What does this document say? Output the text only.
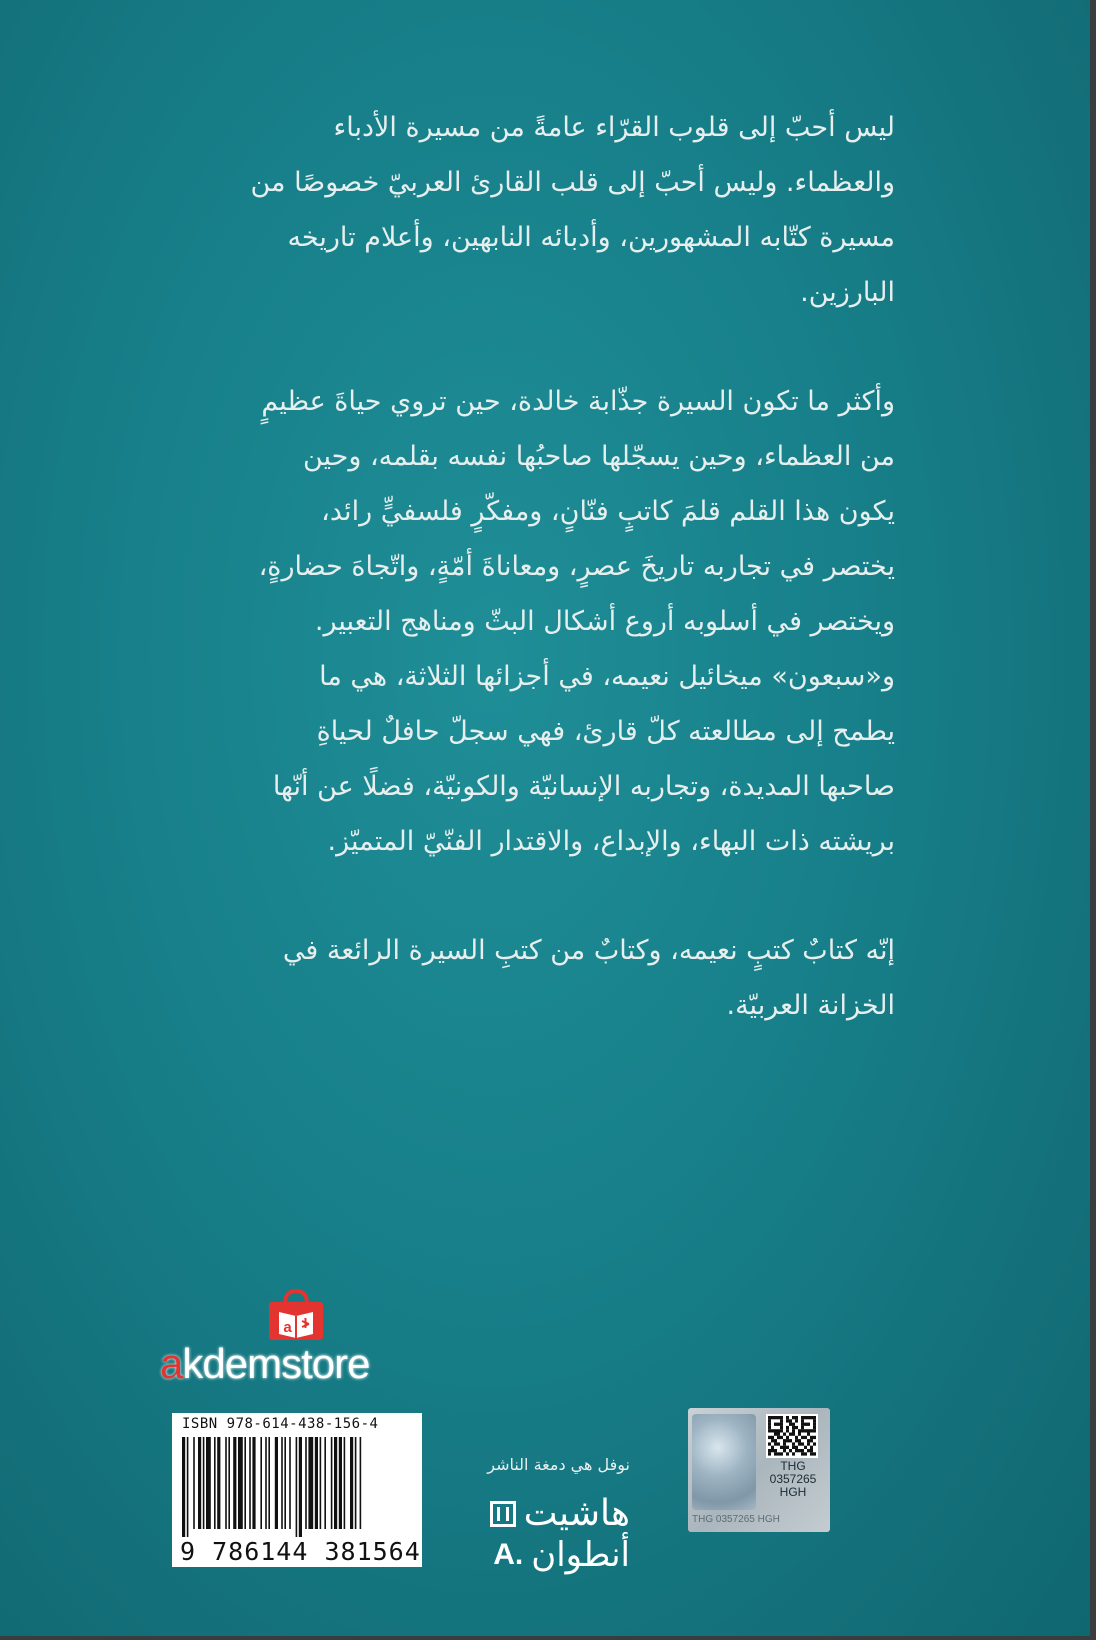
ليس أحبّ إلى قلوب القرّاء عامةً من مسيرة الأدباء والعظماء. وليس أحبّ إلى قلب القارئ العربيّ خصوصًا من مسيرة كتّابه المشهورين، وأدبائه النابهين، وأعلام تاريخه البارزين.

وأكثر ما تكون السيرة جذّابة خالدة، حين تروي حياةَ عظيمٍ من العظماء، وحين يسجّلها صاحبُها نفسه بقلمه، وحين يكون هذا القلم قلمَ كاتبٍ فنّانٍ، ومفكّرٍ فلسفيٍّ رائد، يختصر في تجاربه تاريخَ عصرٍ، ومعاناةَ أمّةٍ، واتّجاهَ حضارةٍ، ويختصر في أسلوبه أروع أشكال البثّ ومناهج التعبير. و«سبعون» ميخائيل نعيمه، في أجزائها الثلاثة، هي ما يطمح إلى مطالعته كلّ قارئ، فهي سجلّ حافلٌ لحياةِ صاحبها المديدة، وتجاربه الإنسانيّة والكونيّة، فضلًا عن أنّها بريشته ذات البهاء، والإبداع، والاقتدار الفنّيّ المتميّز.

إنّه كتابٌ كتبٍ نعيمه، وكتابٌ من كتبِ السيرة الرائعة في الخزانة العربيّة.

a
akdemstore
ISBN 978-614-438-156-4
9 786144 381564
نوفل هي دمغة الناشر
هاشيت
أنطوان
A.
THG
0357265
HGH
THG 0357265 HGH
